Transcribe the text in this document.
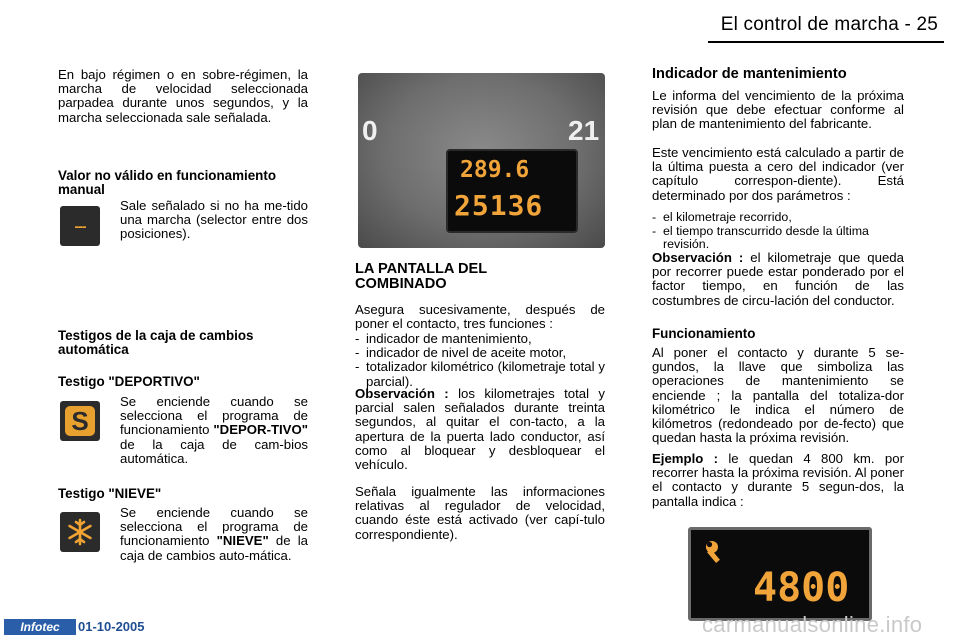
El control de marcha - 25
En bajo régimen o en sobre-régimen, la marcha de velocidad seleccionada parpadea durante unos segundos, y la marcha seleccionada sale señalada.
Valor no válido en funcionamiento manual
---
Sale señalado si no ha me-tido una marcha (selector entre dos posiciones).
Testigos de la caja de cambios automática
Testigo "DEPORTIVO"
S
Se enciende cuando se selecciona el programa de funcionamiento "DEPOR-TIVO" de la caja de cam-bios automática.
Testigo "NIEVE"
Se enciende cuando se selecciona el programa de funcionamiento "NIEVE" de la caja de cambios auto-mática.
0	21
289.6
25136
LA PANTALLA DEL COMBINADO
Asegura sucesivamente, después de poner el contacto, tres funciones :
- indicador de mantenimiento,
- indicador de nivel de aceite motor,
- totalizador kilométrico (kilometraje total y parcial).
Observación : los kilometrajes total y parcial salen señalados durante treinta segundos, al quitar el con-tacto, a la apertura de la puerta lado conductor, así como al bloquear y desbloquear el vehículo.
Señala igualmente las informaciones relativas al regulador de velocidad, cuando éste está activado (ver capí-tulo correspondiente).
Indicador de mantenimiento
Le informa del vencimiento de la próxima revisión que debe efectuar conforme al plan de mantenimiento del fabricante.
Este vencimiento está calculado a partir de la última puesta a cero del indicador (ver capítulo correspon-diente). Está determinado por dos parámetros :
- el kilometraje recorrido,
- el tiempo transcurrido desde la última revisión.
Observación : el kilometraje que queda por recorrer puede estar ponderado por el factor tiempo, en función de las costumbres de circu-lación del conductor.
Funcionamiento
Al poner el contacto y durante 5 se-gundos, la llave que simboliza las operaciones de mantenimiento se enciende ; la pantalla del totaliza-dor kilométrico le indica el número de kilómetros (redondeado por de-fecto) que quedan hasta la próxima revisión.
Ejemplo : le quedan 4 800 km. por recorrer hasta la próxima revisión. Al poner el contacto y durante 5 segun-dos, la pantalla indica :
4800
Infotec	01-10-2005	carmanualsonline.info
